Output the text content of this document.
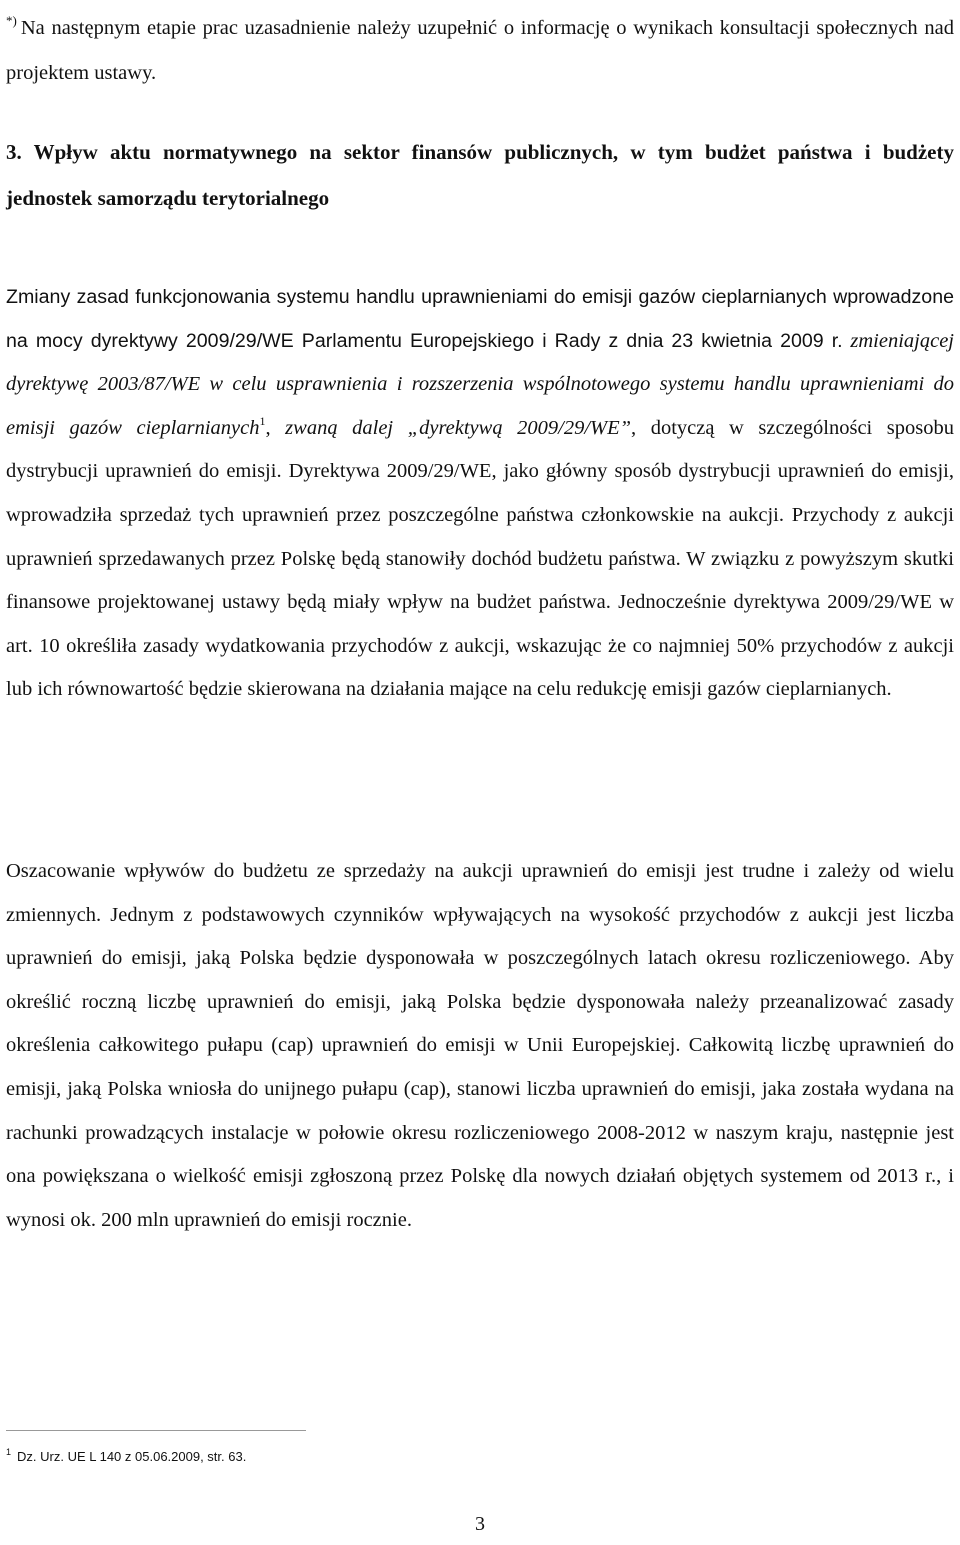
*) Na następnym etapie prac uzasadnienie należy uzupełnić o informację o wynikach konsultacji społecznych nad projektem ustawy.
3. Wpływ aktu normatywnego na sektor finansów publicznych, w tym budżet państwa i budżety jednostek samorządu terytorialnego

Zmiany zasad funkcjonowania systemu handlu uprawnieniami do emisji gazów cieplarnianych wprowadzone na mocy dyrektywy 2009/29/WE Parlamentu Europejskiego i Rady z dnia 23 kwietnia 2009 r. zmieniającej dyrektywę 2003/87/WE w celu usprawnienia i rozszerzenia wspólnotowego systemu handlu uprawnieniami do emisji gazów cieplarnianych$^1$, zwaną dalej „dyrektywą 2009/29/WE”, dotyczą w szczególności sposobu dystrybucji uprawnień do emisji. Dyrektywa 2009/29/WE, jako główny sposób dystrybucji uprawnień do emisji, wprowadziła sprzedaż tych uprawnień przez poszczególne państwa członkowskie na aukcji. Przychody z aukcji uprawnień sprzedawanych przez Polskę będą stanowiły dochód budżetu państwa. W związku z powyższym skutki finansowe projektowanej ustawy będą miały wpływ na budżet państwa. Jednocześnie dyrektywa 2009/29/WE w art. 10 określiła zasady wydatkowania przychodów z aukcji, wskazując że co najmniej 50% przychodów z aukcji lub ich równowartość będzie skierowana na działania mające na celu redukcję emisji gazów cieplarnianych.

Oszacowanie wpływów do budżetu ze sprzedaży na aukcji uprawnień do emisji jest trudne i zależy od wielu zmiennych. Jednym z podstawowych czynników wpływających na wysokość przychodów z aukcji jest liczba uprawnień do emisji, jaką Polska będzie dysponowała w poszczególnych latach okresu rozliczeniowego. Aby określić roczną liczbę uprawnień do emisji, jaką Polska będzie dysponowała należy przeanalizować zasady określenia całkowitego pułapu (cap) uprawnień do emisji w Unii Europejskiej. Całkowitą liczbę uprawnień do emisji, jaką Polska wniosła do unijnego pułapu (cap), stanowi liczba uprawnień do emisji, jaka została wydana na rachunki prowadzących instalacje w połowie okresu rozliczeniowego 2008-2012 w naszym kraju, następnie jest ona powiększana o wielkość emisji zgłoszoną przez Polskę dla nowych działań objętych systemem od 2013 r., i wynosi ok. 200 mln uprawnień do emisji rocznie.

$^1$ Dz. Urz. UE L 140 z 05.06.2009, str. 63.
3
